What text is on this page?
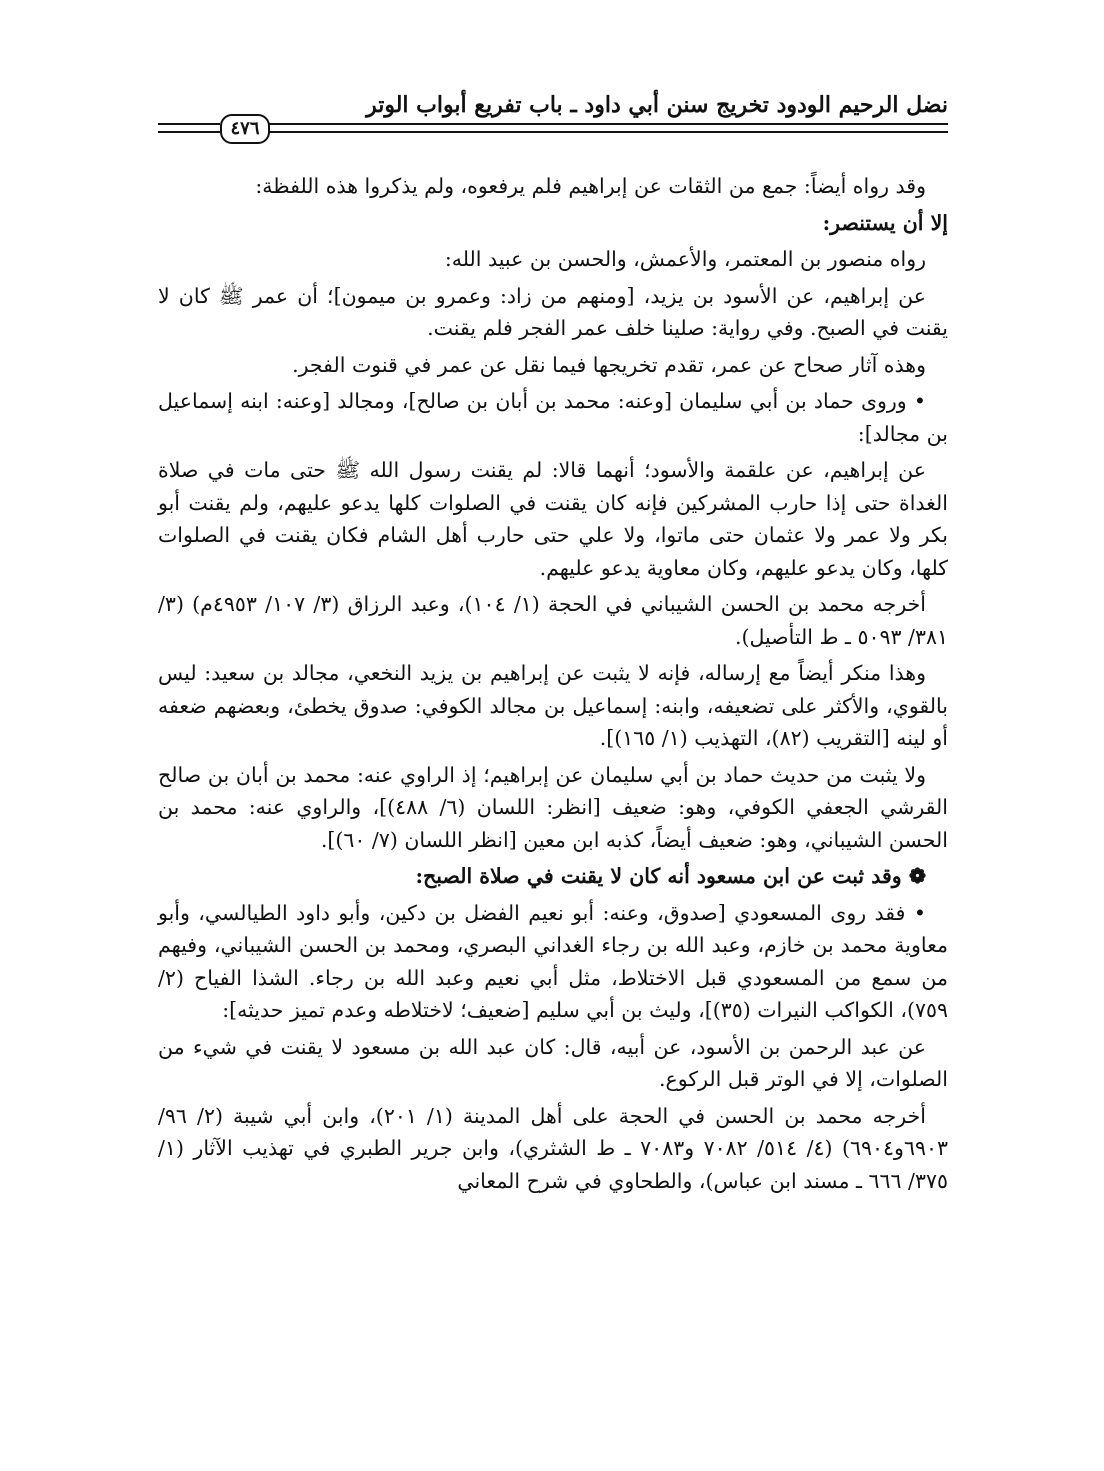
نضل الرحيم الودود تخريج سنن أبي داود ـ باب تفريع أبواب الوتر
٤٧٦

وقد رواه أيضاً: جمع من الثقات عن إبراهيم فلم يرفعوه، ولم يذكروا هذه اللفظة:

إلا أن يستنصر:

رواه منصور بن المعتمر، والأعمش، والحسن بن عبيد الله:

عن إبراهيم، عن الأسود بن يزيد، [ومنهم من زاد: وعمرو بن ميمون]؛ أن عمر ﷺ كان لا يقنت في الصبح. وفي رواية: صلينا خلف عمر الفجر فلم يقنت.

وهذه آثار صحاح عن عمر، تقدم تخريجها فيما نقل عن عمر في قنوت الفجر.

• وروى حماد بن أبي سليمان [وعنه: محمد بن أبان بن صالح]، ومجالد [وعنه: ابنه إسماعيل بن مجالد]:

عن إبراهيم، عن علقمة والأسود؛ أنهما قالا: لم يقنت رسول الله ﷺ حتى مات في صلاة الغداة حتى إذا حارب المشركين فإنه كان يقنت في الصلوات كلها يدعو عليهم، ولم يقنت أبو بكر ولا عمر ولا عثمان حتى ماتوا، ولا علي حتى حارب أهل الشام فكان يقنت في الصلوات كلها، وكان يدعو عليهم، وكان معاوية يدعو عليهم.

أخرجه محمد بن الحسن الشيباني في الحجة (١/ ١٠٤)، وعبد الرزاق (٣/ ١٠٧/ ٤٩٥٣م) (٣/ ٣٨١/ ٥٠٩٣ ـ ط التأصيل).

وهذا منكر أيضاً مع إرساله، فإنه لا يثبت عن إبراهيم بن يزيد النخعي، مجالد بن سعيد: ليس بالقوي، والأكثر على تضعيفه، وابنه: إسماعيل بن مجالد الكوفي: صدوق يخطئ، وبعضهم ضعفه أو لينه [التقريب (٨٢)، التهذيب (١/ ١٦٥)].

ولا يثبت من حديث حماد بن أبي سليمان عن إبراهيم؛ إذ الراوي عنه: محمد بن أبان بن صالح القرشي الجعفي الكوفي، وهو: ضعيف [انظر: اللسان (٦/ ٤٨٨)]، والراوي عنه: محمد بن الحسن الشيباني، وهو: ضعيف أيضاً، كذبه ابن معين [انظر اللسان (٧/ ٦٠)].

❁ وقد ثبت عن ابن مسعود أنه كان لا يقنت في صلاة الصبح:

• فقد روى المسعودي [صدوق، وعنه: أبو نعيم الفضل بن دكين، وأبو داود الطيالسي، وأبو معاوية محمد بن خازم، وعبد الله بن رجاء الغداني البصري، ومحمد بن الحسن الشيباني، وفيهم من سمع من المسعودي قبل الاختلاط، مثل أبي نعيم وعبد الله بن رجاء. الشذا الفياح (٢/ ٧٥٩)، الكواكب النيرات (٣٥)]، وليث بن أبي سليم [ضعيف؛ لاختلاطه وعدم تميز حديثه]:

عن عبد الرحمن بن الأسود، عن أبيه، قال: كان عبد الله بن مسعود لا يقنت في شيء من الصلوات، إلا في الوتر قبل الركوع.

أخرجه محمد بن الحسن في الحجة على أهل المدينة (١/ ٢٠١)، وابن أبي شيبة (٢/ ٩٦/ ٦٩٠٣و٦٩٠٤) (٤/ ٥١٤/ ٧٠٨٢ و٧٠٨٣ ـ ط الشثري)، وابن جرير الطبري في تهذيب الآثار (١/ ٣٧٥/ ٦٦٦ ـ مسند ابن عباس)، والطحاوي في شرح المعاني
